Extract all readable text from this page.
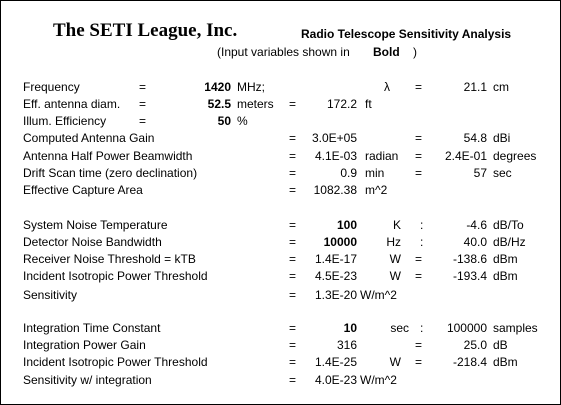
The SETI League, Inc.	Radio Telescope Sensitivity Analysis
(Input variables shown in Bold )
Frequency	=	1420 MHz;	λ =	21.1 cm
Eff. antenna diam. =	52.5 meters =	172.2 ft
Illum. Efficiency	=	50 %
Computed Antenna Gain	=	3.0E+05	=	54.8 dBi
Antenna Half Power Beamwidth	=	4.1E-03 radian =	2.4E-01 degrees
Drift Scan time (zero declination)	=	0.9 min	=	57 sec
Effective Capture Area	=	1082.38 m^2
System Noise Temperature	=	100	K :	-4.6 dB/To
Detector Noise Bandwidth	=	10000	Hz :	40.0 dB/Hz
Receiver Noise Threshold = kTB	=	1.4E-17	W =	-138.6 dBm
Incident Isotropic Power Threshold	=	4.5E-23	W =	-193.4 dBm
Sensitivity	=	1.3E-20 W/m^2
Integration Time Constant	=	10	sec :	100000 samples
Integration Power Gain	=	316	=	25.0 dB
Incident Isotropic Power Threshold	=	1.4E-25	W =	-218.4 dBm
Sensitivity w/ integration	=	4.0E-23 W/m^2
